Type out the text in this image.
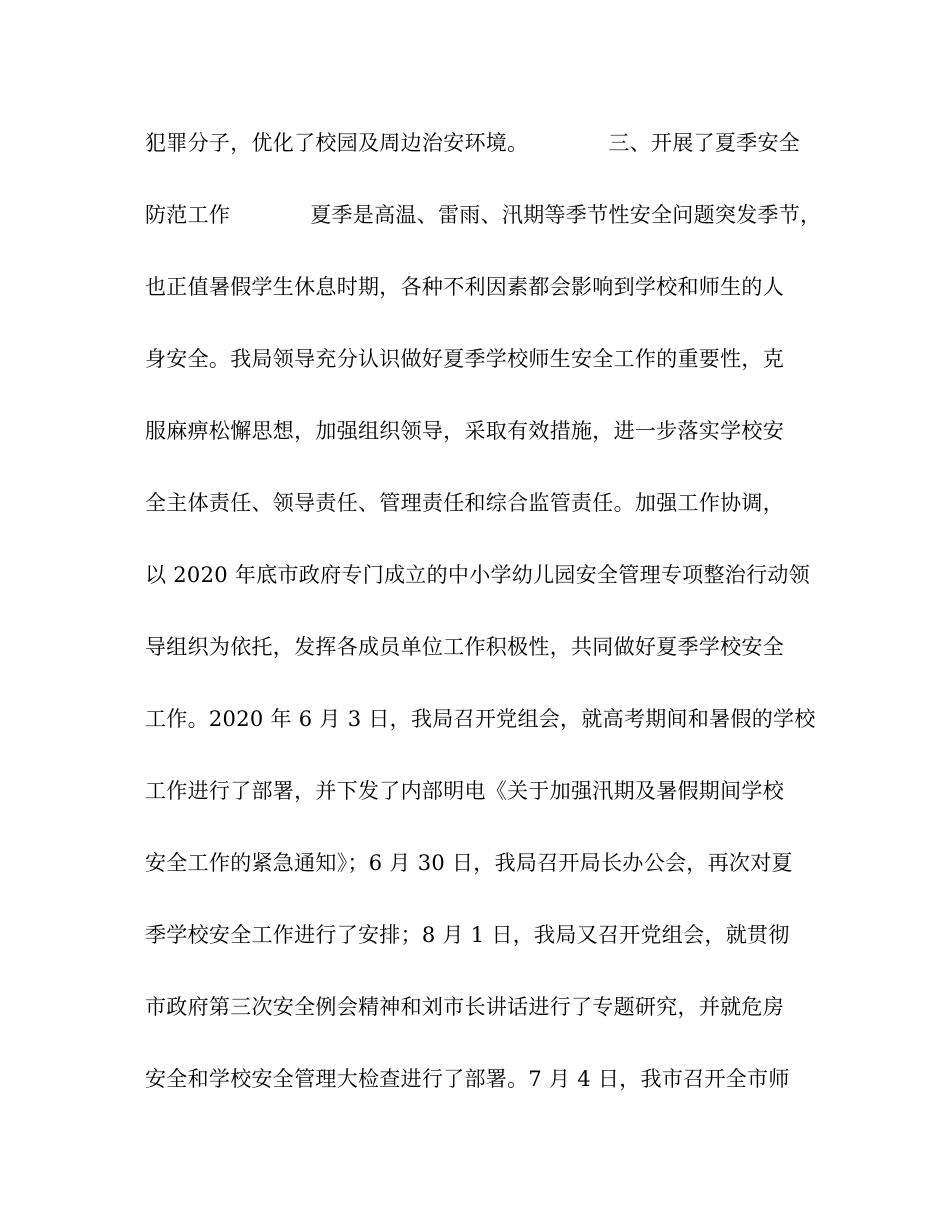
犯罪分子，优化了校园及周边治安环境。	三、开展了夏季安全
防范工作	夏季是高温、雷雨、汛期等季节性安全问题突发季节，
也正值暑假学生休息时期，各种不利因素都会影响到学校和师生的人
身安全。我局领导充分认识做好夏季学校师生安全工作的重要性，克
服麻痹松懈思想，加强组织领导，采取有效措施，进一步落实学校安
全主体责任、领导责任、管理责任和综合监管责任。加强工作协调，
以 2020 年底市政府专门成立的中小学幼儿园安全管理专项整治行动领
导组织为依托，发挥各成员单位工作积极性，共同做好夏季学校安全
工作。2020 年 6 月 3 日，我局召开党组会，就高考期间和暑假的学校
工作进行了部署，并下发了内部明电《关于加强汛期及暑假期间学校
安全工作的紧急通知》；6 月 30 日，我局召开局长办公会，再次对夏
季学校安全工作进行了安排；8 月 1 日，我局又召开党组会，就贯彻
市政府第三次安全例会精神和刘市长讲话进行了专题研究，并就危房
安全和学校安全管理大检查进行了部署。7 月 4 日，我市召开全市师
